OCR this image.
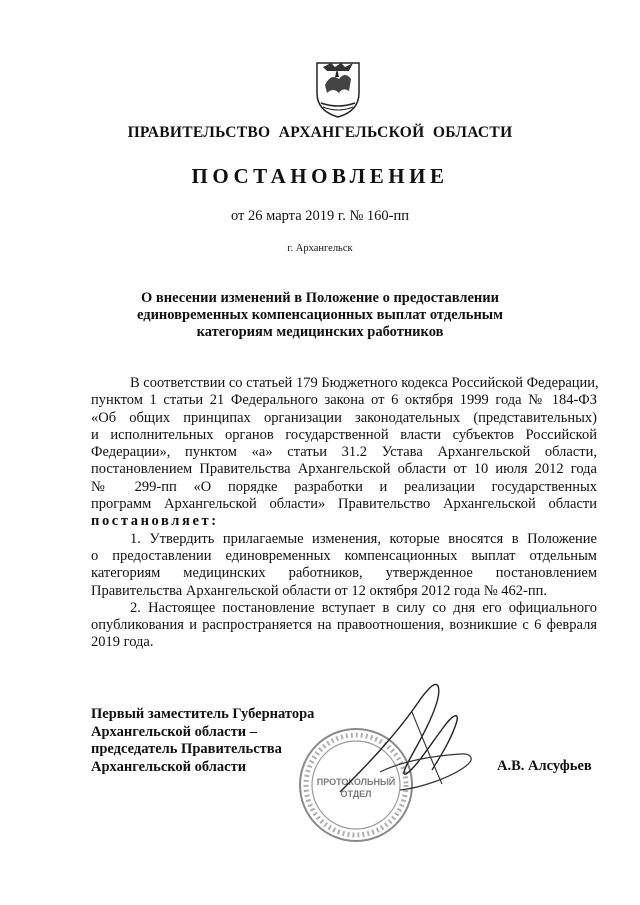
ПРАВИТЕЛЬСТВО  АРХАНГЕЛЬСКОЙ  ОБЛАСТИ
ПОСТАНОВЛЕНИЕ
от 26 марта 2019 г. № 160-пп
г. Архангельск
О внесении изменений в Положение о предоставлении
единовременных компенсационных выплат отдельным
категориям медицинских работников
В соответствии со статьей 179 Бюджетного кодекса Российской Федерации,
пунктом 1 статьи 21 Федерального закона от 6 октября 1999 года № 184-ФЗ
«Об общих принципах организации законодательных (представительных)
и исполнительных органов государственной власти субъектов Российской
Федерации», пунктом «а» статьи 31.2 Устава Архангельской области,
постановлением Правительства Архангельской области от 10 июля 2012 года
№ 299-пп «О порядке разработки и реализации государственных
программ Архангельской области» Правительство Архангельской области
постановляет:
1. Утвердить прилагаемые изменения, которые вносятся в Положение
о предоставлении единовременных компенсационных выплат отдельным
категориям медицинских работников, утвержденное постановлением
Правительства Архангельской области от 12 октября 2012 года № 462-пп.
2. Настоящее постановление вступает в силу со дня его официального
опубликования и распространяется на правоотношения, возникшие с 6 февраля
2019 года.
ПРОТОКОЛЬНЫЙ
ОТДЕЛ
Первый заместитель Губернатора
Архангельской области –
председатель Правительства
Архангельской области	А.В. Алсуфьев
